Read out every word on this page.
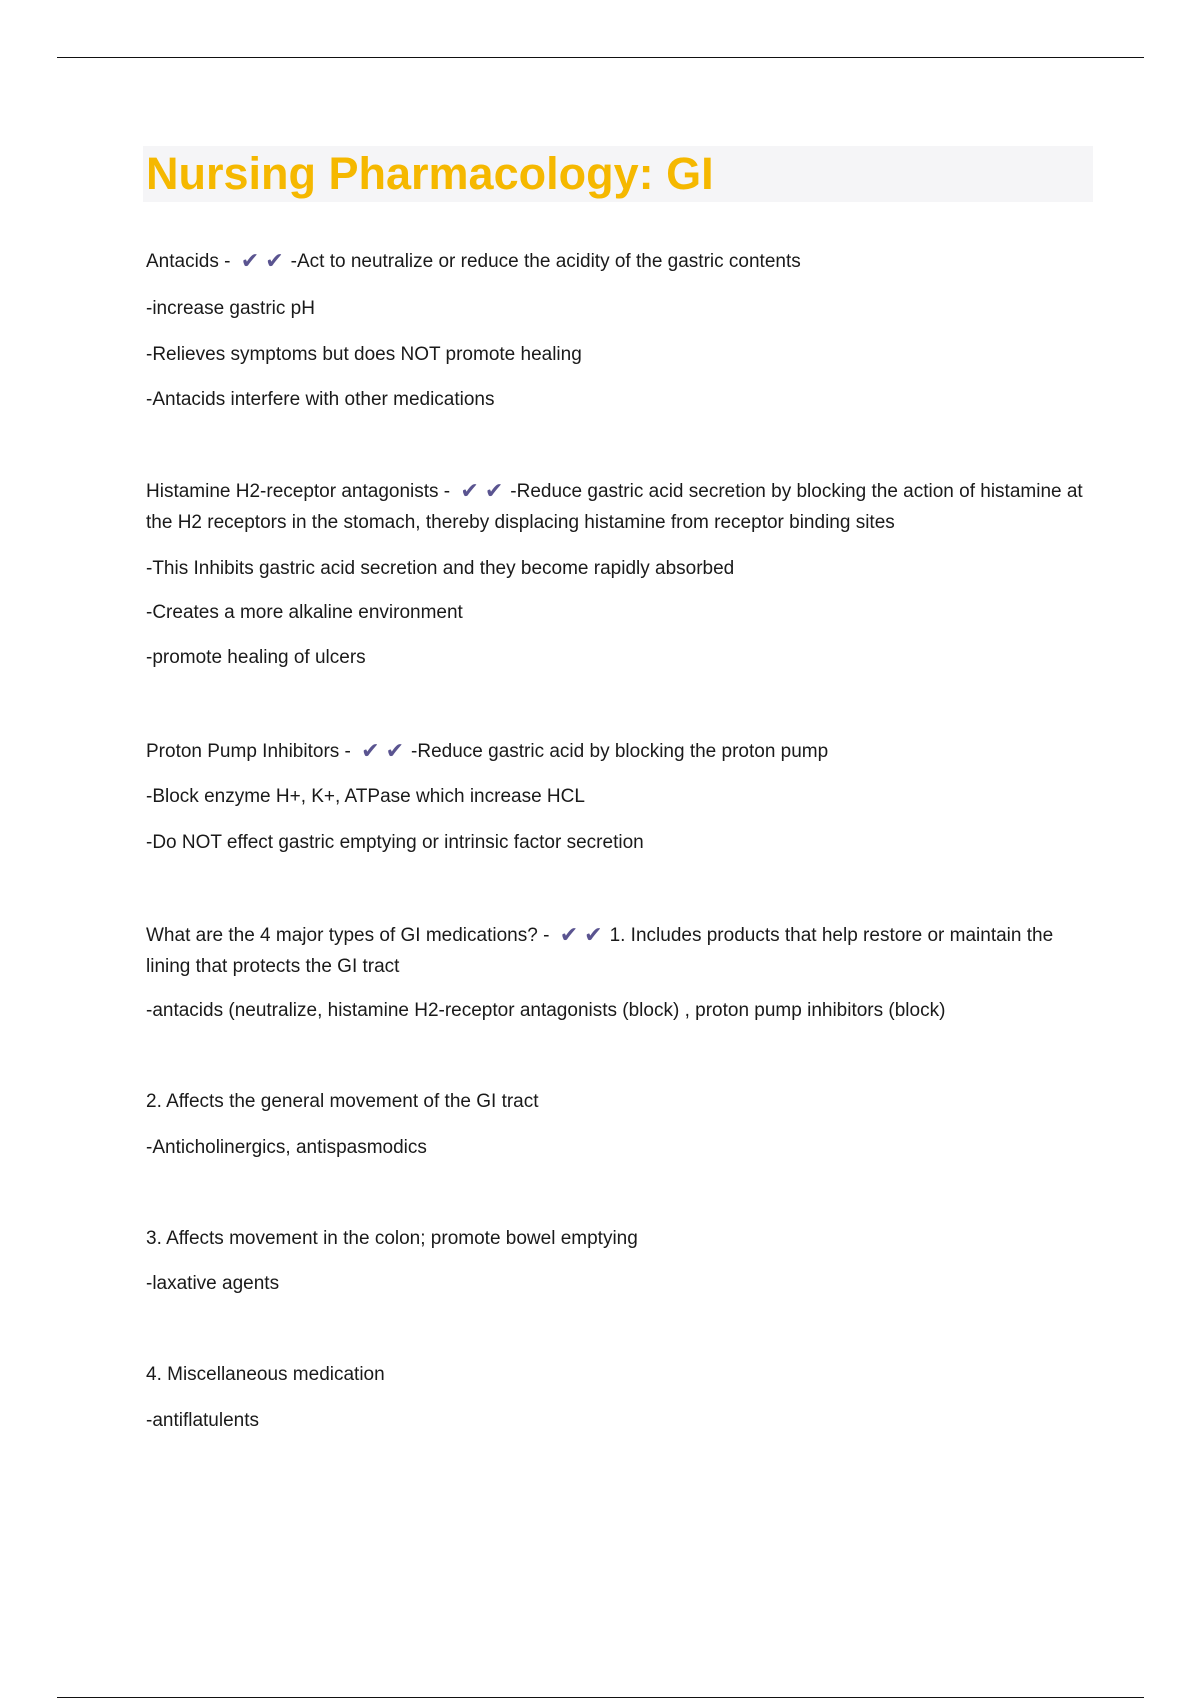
Nursing Pharmacology: GI

Antacids - ✔ ✔ -Act to neutralize or reduce the acidity of the gastric contents

-increase gastric pH

-Relieves symptoms but does NOT promote healing

-Antacids interfere with other medications

Histamine H2-receptor antagonists - ✔ ✔ -Reduce gastric acid secretion by blocking the action of histamine at the H2 receptors in the stomach, thereby displacing histamine from receptor binding sites

-This Inhibits gastric acid secretion and they become rapidly absorbed

-Creates a more alkaline environment

-promote healing of ulcers

Proton Pump Inhibitors - ✔ ✔ -Reduce gastric acid by blocking the proton pump

-Block enzyme H+, K+, ATPase which increase HCL

-Do NOT effect gastric emptying or intrinsic factor secretion

What are the 4 major types of GI medications? - ✔ ✔ 1. Includes products that help restore or maintain the lining that protects the GI tract

-antacids (neutralize, histamine H2-receptor antagonists (block) , proton pump inhibitors (block)

2. Affects the general movement of the GI tract

-Anticholinergics, antispasmodics

3. Affects movement in the colon; promote bowel emptying

-laxative agents

4. Miscellaneous medication

-antiflatulents
